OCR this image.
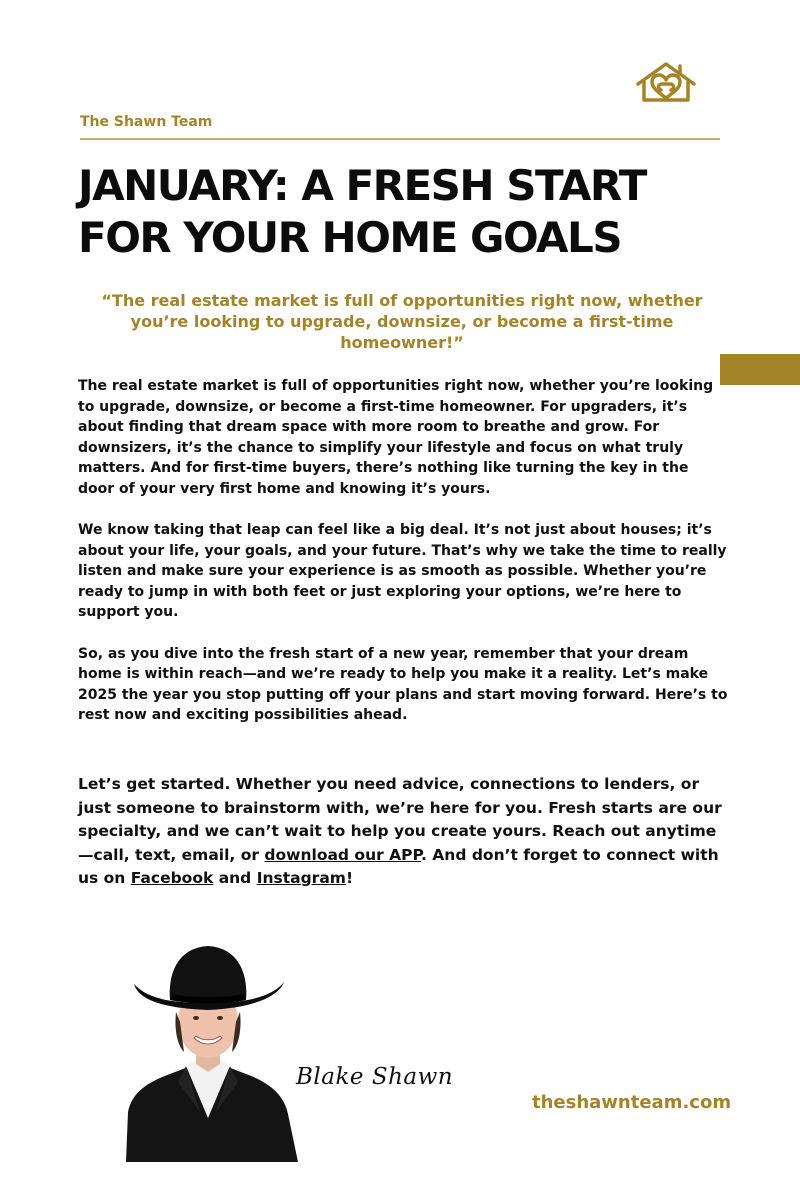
The Shawn Team
JANUARY: A FRESH START FOR YOUR HOME GOALS

“The real estate market is full of opportunities right now, whether you’re looking to upgrade, downsize, or become a first-time homeowner!”

The real estate market is full of opportunities right now, whether you’re looking to upgrade, downsize, or become a first-time homeowner. For upgraders, it’s about finding that dream space with more room to breathe and grow. For downsizers, it’s the chance to simplify your lifestyle and focus on what truly matters. And for first-time buyers, there’s nothing like turning the key in the door of your very first home and knowing it’s yours.

We know taking that leap can feel like a big deal. It’s not just about houses; it’s about your life, your goals, and your future. That’s why we take the time to really listen and make sure your experience is as smooth as possible. Whether you’re ready to jump in with both feet or just exploring your options, we’re here to support you.

So, as you dive into the fresh start of a new year, remember that your dream home is within reach—and we’re ready to help you make it a reality. Let’s make 2025 the year you stop putting off your plans and start moving forward. Here’s to rest now and exciting possibilities ahead.

Let’s get started. Whether you need advice, connections to lenders, or just someone to brainstorm with, we’re here for you. Fresh starts are our specialty, and we can’t wait to help you create yours. Reach out anytime—call, text, email, or download our APP. And don’t forget to connect with us on Facebook and Instagram!

Blake Shawn
theshawnteam.com
